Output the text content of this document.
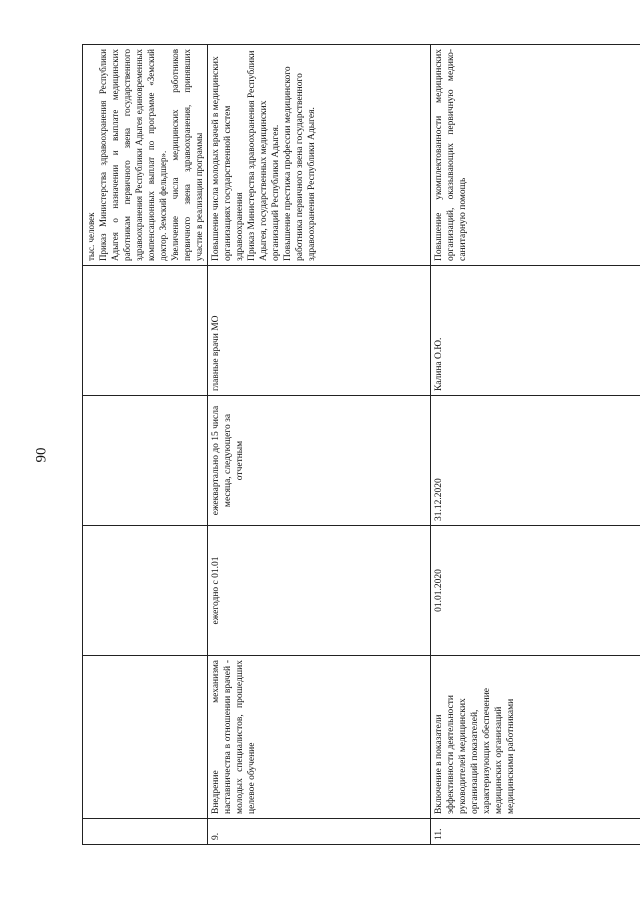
90

					тыс. человек Приказ Министерства здравоохранения Республики Адыгея о назначении и выплате медицинских работникам первичного звена государственного здравоохранения Республики Адыгея единовременных компенсационных выплат по программе «Земский доктор. Земский фельдшер». Увеличение числа медицинских работников первичного звена здравоохранения, принявших участие в реализации программы

9.	Внедрение механизма наставничества в отношении врачей - молодых специалистов, прошедших целевое обучение	ежегодно с 01.01	ежеквартально до 15 числа месяца, следующего за отчетным	главные врачи МО	Повышение числа молодых врачей в медицинских организациях государственной систем здравоохранения Приказ Министерства здравоохранения Республики Адыгея, государственных медицинских организаций Республики Адыгея. Повышение престижа профессии медицинского работника первичного звена государственного здравоохранения Республики Адыгея.

11.	Включение в показатели эффективности деятельности руководителей медицинских организаций показателей, характеризующих обеспечение медицинских организаций медицинскими работниками	01.01.2020	31.12.2020	Калина О.Ю.	Повышение укомплектованности медицинских организаций, оказывающих первичную медико-санитарную помощь
